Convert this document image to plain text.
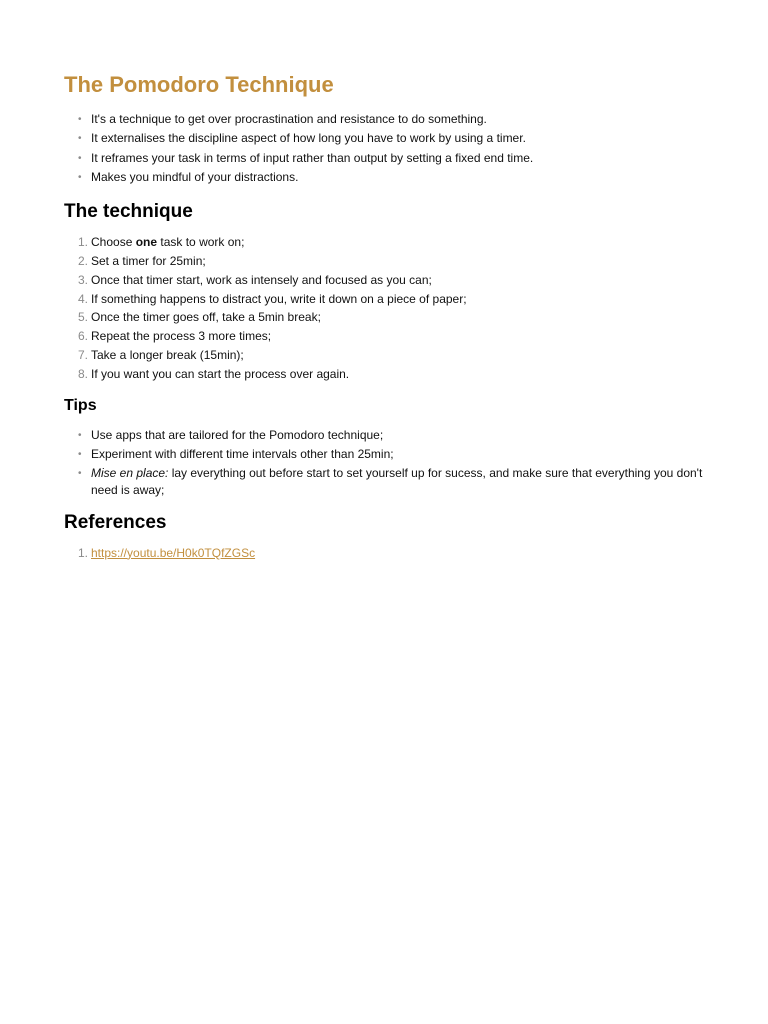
The Pomodoro Technique
• It's a technique to get over procrastination and resistance to do something.
• It externalises the discipline aspect of how long you have to work by using a timer.
• It reframes your task in terms of input rather than output by setting a fixed end time.
• Makes you mindful of your distractions.
The technique
1. Choose one task to work on;
2. Set a timer for 25min;
3. Once that timer start, work as intensely and focused as you can;
4. If something happens to distract you, write it down on a piece of paper;
5. Once the timer goes off, take a 5min break;
6. Repeat the process 3 more times;
7. Take a longer break (15min);
8. If you want you can start the process over again.
Tips
• Use apps that are tailored for the Pomodoro technique;
• Experiment with different time intervals other than 25min;
• Mise en place: lay everything out before start to set yourself up for sucess, and make sure that everything you don't need is away;
References
1. https://youtu.be/H0k0TQfZGSc
